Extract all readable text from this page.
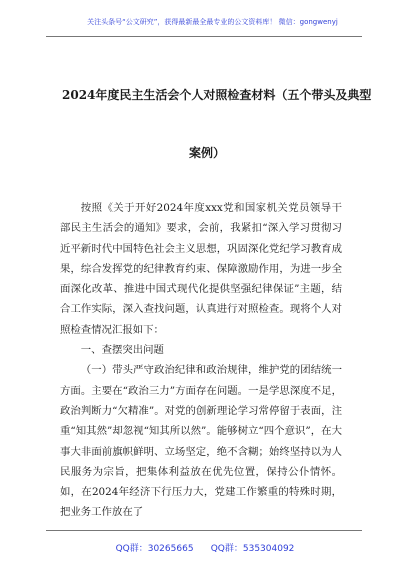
关注头条号“公文研究”，获得最新最全最专业的公文资料库！ 微信：gongwenyj
2024年度民主生活会个人对照检查材料（五个带头及典型
案例）
按照《关于开好2024年度xxx党和国家机关党员领导干部民主生活会的通知》要求，会前，我紧扣“深入学习贯彻习近平新时代中国特色社会主义思想，巩固深化党纪学习教育成果，综合发挥党的纪律教育约束、保障激励作用，为进一步全面深化改革、推进中国式现代化提供坚强纪律保证”主题，结合工作实际，深入查找问题，认真进行对照检查。现将个人对照检查情况汇报如下：
一、查摆突出问题
（一）带头严守政治纪律和政治规律，维护党的团结统一方面。主要在“政治三力”方面存在问题。一是学思深度不足，政治判断力“欠精准”。对党的创新理论学习常停留于表面，注重“知其然”却忽视“知其所以然”。能够树立“四个意识”，在大事大非面前旗帜鲜明、立场坚定，绝不含糊；始终坚持以为人民服务为宗旨，把集体利益放在优先位置，保持公仆情怀。如，在2024年经济下行压力大，党建工作繁重的特殊时期，把业务工作放在了
QQ群：30265665      QQ群：535304092
